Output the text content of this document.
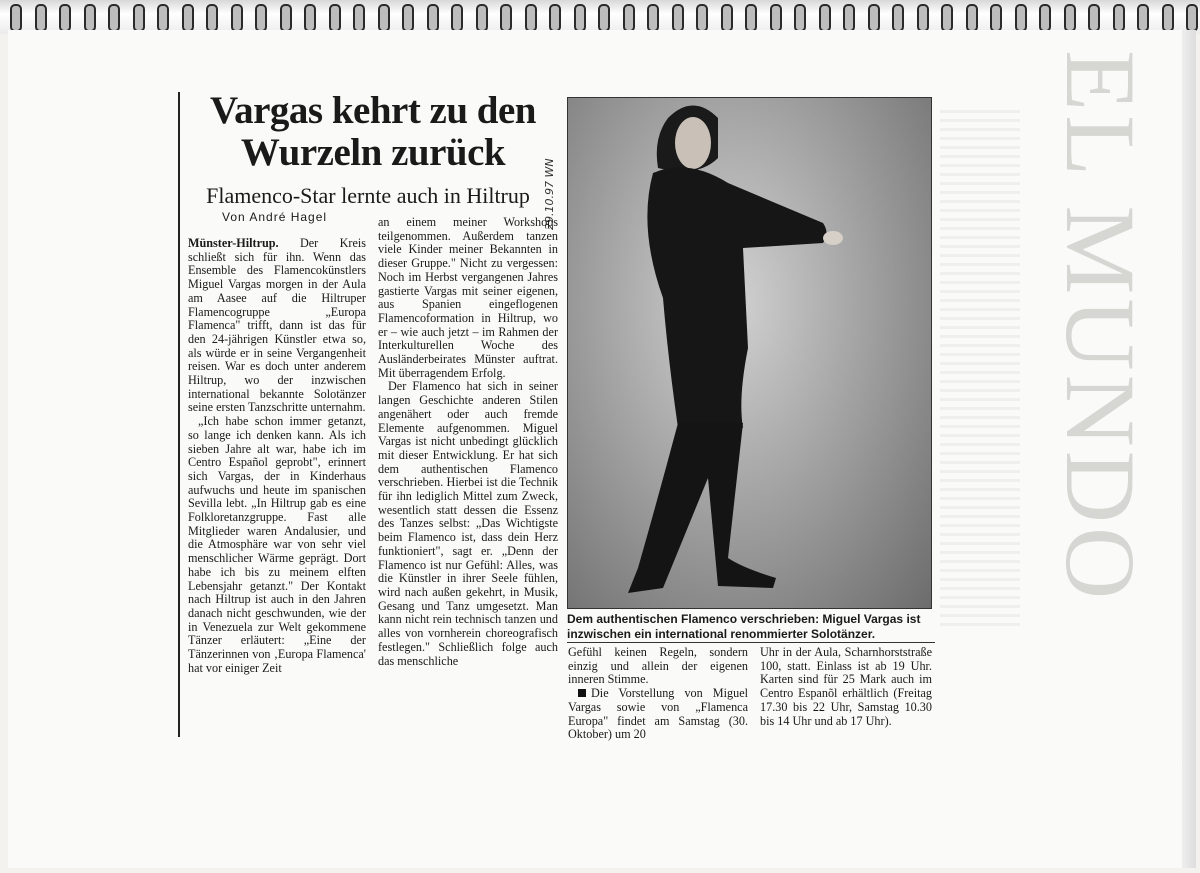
EL MUNDO
Vargas kehrt zu den
Wurzeln zurück
Flamenco-Star lernte auch in Hiltrup
Von André Hagel	29.10.97 WN

Münster-Hiltrup. Der Kreis schließt sich für ihn. Wenn das Ensemble des Flamencokünstlers Miguel Vargas morgen in der Aula am Aasee auf die Hiltruper Flamencogruppe „Europa Flamenca" trifft, dann ist das für den 24-jährigen Künstler etwa so, als würde er in seine Vergangenheit reisen. War es doch unter anderem Hiltrup, wo der inzwischen international bekannte Solotänzer seine ersten Tanzschritte unternahm.

„Ich habe schon immer getanzt, so lange ich denken kann. Als ich sieben Jahre alt war, habe ich im Centro Español geprobt", erinnert sich Vargas, der in Kinderhaus aufwuchs und heute im spanischen Sevilla lebt. „In Hiltrup gab es eine Folkloretanzgruppe. Fast alle Mitglieder waren Andalusier, und die Atmosphäre war von sehr viel menschlicher Wärme geprägt. Dort habe ich bis zu meinem elften Lebensjahr getanzt." Der Kontakt nach Hiltrup ist auch in den Jahren danach nicht geschwunden, wie der in Venezuela zur Welt gekommene Tänzer erläutert: „Eine der Tänzerinnen von ‚Europa Flamenca' hat vor einiger Zeit

an einem meiner Workshops teilgenommen. Außerdem tanzen viele Kinder meiner Bekannten in dieser Gruppe." Nicht zu vergessen: Noch im Herbst vergangenen Jahres gastierte Vargas mit seiner eigenen, aus Spanien eingeflogenen Flamencoformation in Hiltrup, wo er – wie auch jetzt – im Rahmen der Interkulturellen Woche des Ausländerbeirates Münster auftrat. Mit überragendem Erfolg.

Der Flamenco hat sich in seiner langen Geschichte anderen Stilen angenähert oder auch fremde Elemente aufgenommen. Miguel Vargas ist nicht unbedingt glücklich mit dieser Entwicklung. Er hat sich dem authentischen Flamenco verschrieben. Hierbei ist die Technik für ihn lediglich Mittel zum Zweck, wesentlich statt dessen die Essenz des Tanzes selbst: „Das Wichtigste beim Flamenco ist, dass dein Herz funktioniert", sagt er. „Denn der Flamenco ist nur Gefühl: Alles, was die Künstler in ihrer Seele fühlen, wird nach außen gekehrt, in Musik, Gesang und Tanz umgesetzt. Man kann nicht rein technisch tanzen und alles von vornherein choreografisch festlegen." Schließlich folge auch das menschliche

Dem authentischen Flamenco verschrieben: Miguel Vargas ist inzwischen ein international renommierter Solotänzer.

Gefühl keinen Regeln, sondern einzig und allein der eigenen inneren Stimme.

Die Vorstellung von Miguel Vargas sowie von „Flamenca Europa" findet am Samstag (30. Oktober) um 20

Uhr in der Aula, Scharnhorststraße 100, statt. Einlass ist ab 19 Uhr. Karten sind für 25 Mark auch im Centro Espanõl erhältlich (Freitag 17.30 bis 22 Uhr, Samstag 10.30 bis 14 Uhr und ab 17 Uhr).
